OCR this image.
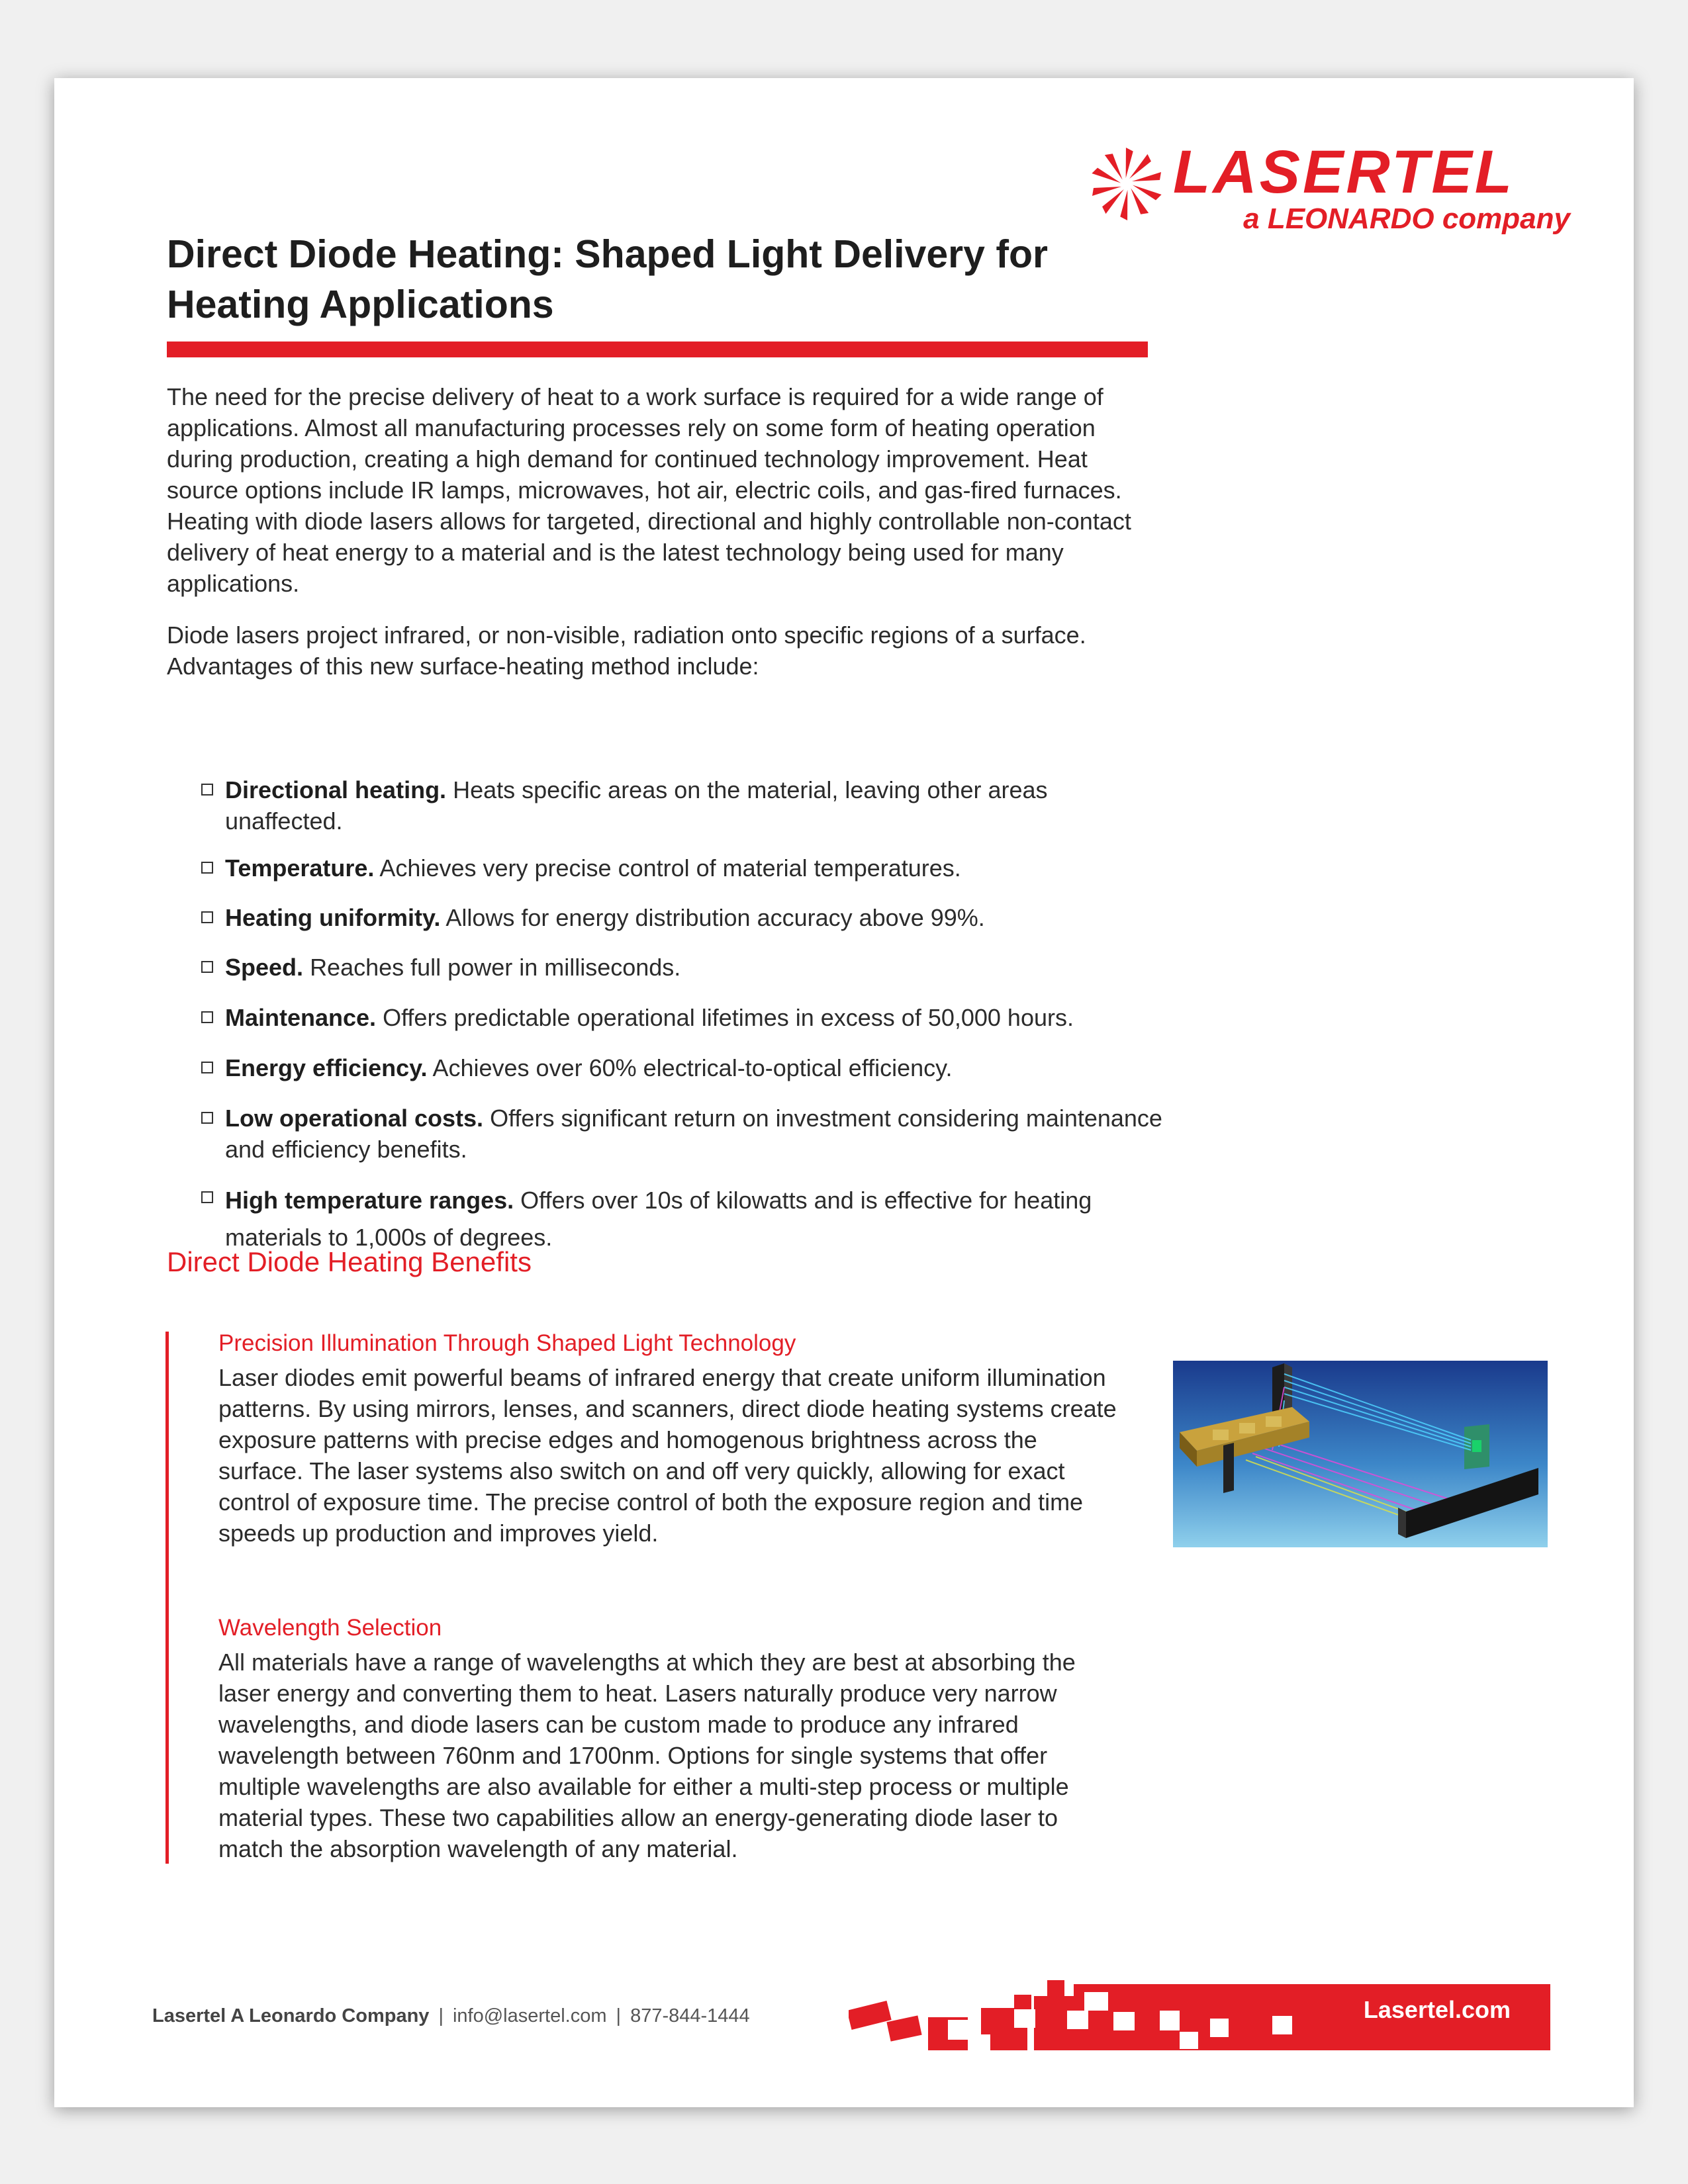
LASERTEL
a LEONARDO company
Direct Diode Heating: Shaped Light Delivery for Heating Applications

The need for the precise delivery of heat to a work surface is required for a wide range of applications. Almost all manufacturing processes rely on some form of heating operation during production, creating a high demand for continued technology improvement. Heat source options include IR lamps, microwaves, hot air, electric coils, and gas-fired furnaces. Heating with diode lasers allows for targeted, directional and highly controllable non-contact delivery of heat energy to a material and is the latest technology being used for many applications.

Diode lasers project infrared, or non-visible, radiation onto specific regions of a surface. Advantages of this new surface-heating method include:

Directional heating. Heats specific areas on the material, leaving other areas unaffected.
Temperature. Achieves very precise control of material temperatures.
Heating uniformity. Allows for energy distribution accuracy above 99%.
Speed. Reaches full power in milliseconds.
Maintenance. Offers predictable operational lifetimes in excess of 50,000 hours.
Energy efficiency. Achieves over 60% electrical-to-optical efficiency.
Low operational costs. Offers significant return on investment considering maintenance and efficiency benefits.
High temperature ranges. Offers over 10s of kilowatts and is effective for heating materials to 1,000s of degrees.
Direct Diode Heating Benefits
Precision Illumination Through Shaped Light Technology

Laser diodes emit powerful beams of infrared energy that create uniform illumination patterns. By using mirrors, lenses, and scanners, direct diode heating systems create exposure patterns with precise edges and homogenous brightness across the surface. The laser systems also switch on and off very quickly, allowing for exact control of exposure time. The precise control of both the exposure region and time speeds up production and improves yield.

Wavelength Selection

All materials have a range of wavelengths at which they are best at absorbing the laser energy and converting them to heat. Lasers naturally produce very narrow wavelengths, and diode lasers can be custom made to produce any infrared wavelength between 760nm and 1700nm. Options for single systems that offer multiple wavelengths are also available for either a multi-step process or multiple material types. These two capabilities allow an energy-generating diode laser to match the absorption wavelength of any material.

Lasertel A Leonardo Company | info@lasertel.com | 877-844-1444	Lasertel.com
